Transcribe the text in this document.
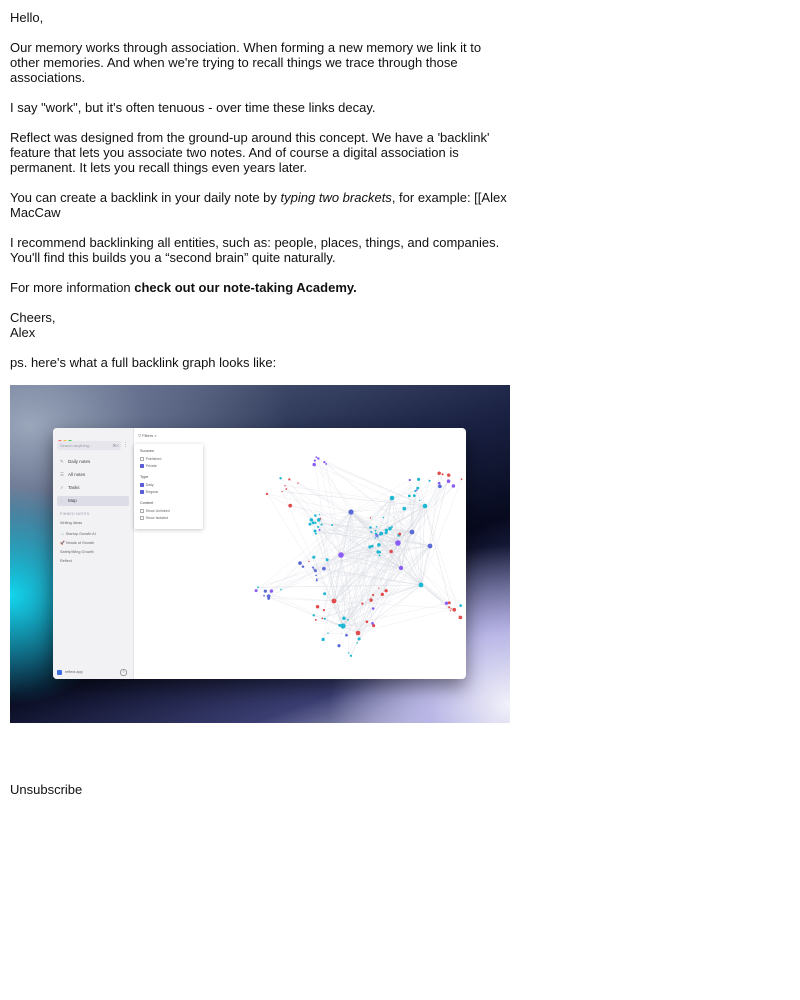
Hello,

Our memory works through association. When forming a new memory we link it to other memories. And when we're trying to recall things we trace through those associations.

I say "work", but it's often tenuous - over time these links decay.

Reflect was designed from the ground-up around this concept. We have a 'backlink' feature that lets you associate two notes. And of course a digital association is permanent. It lets you recall things even years later.

You can create a backlink in your daily note by typing two brackets, for example: [[Alex MacCaw

I recommend backlinking all entities, such as: people, places, things, and companies. You'll find this builds you a “second brain” quite naturally.

For more information check out our note-taking Academy.

Cheers,
Alex

ps. here's what a full backlink graph looks like:

Search anything...	⌘K ⋮
✎ Daily notes
☰ All notes
✓ Tasks
∴ Map
PINNED NOTES
Writing Ideas
☁️ Startup Growth AI
🚀 Heads of Growth
Safety/Wing Growth
Reflect
reflect.app	?
▽ Filters ×
Sources
Published
Private
Type
Daily
Regular
Content
Show Unlinked
Show Isolated
Unsubscribe
